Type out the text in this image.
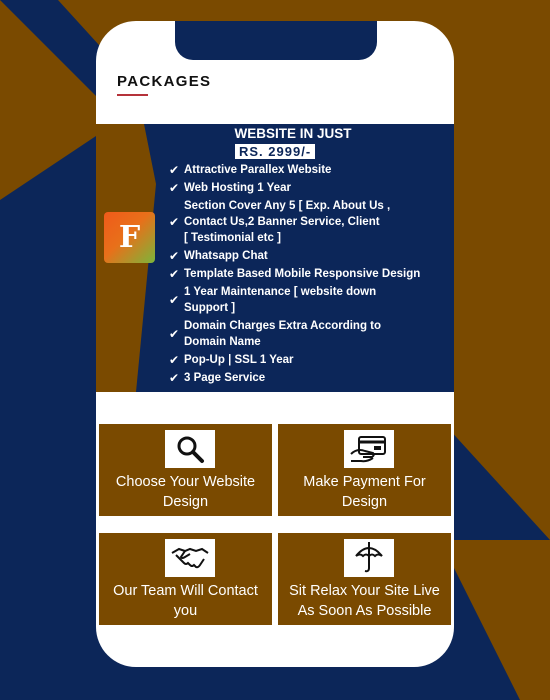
PACKAGES
F
WEBSITE IN JUST
RS. 2999/-
✔ Attractive Parallex Website
✔ Web Hosting 1 Year
✔
Section Cover Any 5 [ Exp. About Us ,
Contact Us,2 Banner Service, Client
[ Testimonial etc ]
✔ Whatsapp Chat
✔ Template Based Mobile Responsive Design
✔
1 Year Maintenance [ website down
Support ]
✔
Domain Charges Extra According to
Domain Name
✔ Pop-Up | SSL 1 Year
✔ 3 Page Service
Choose Your Website
Design
Make Payment For
Design
Our Team Will Contact
you
Sit Relax Your Site Live
As Soon As Possible
